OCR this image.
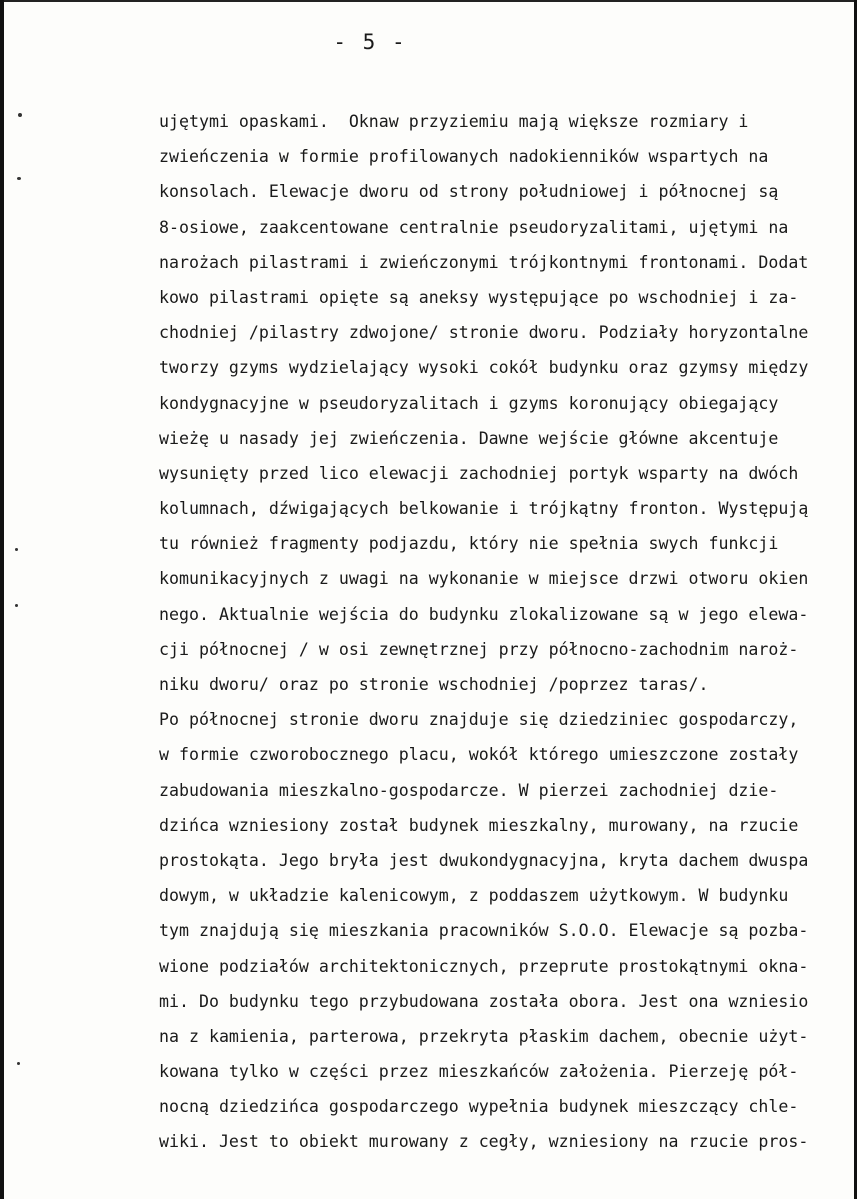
- 5 -
ujętymi opaskami.  Oknaw przyziemiu mają większe rozmiary i
zwieńczenia w formie profilowanych nadokienników wspartych na
konsolach. Elewacje dworu od strony południowej i północnej są
8-osiowe, zaakcentowane centralnie pseudoryzalitami, ujętymi na
narożach pilastrami i zwieńczonymi trójkontnymi frontonami. Dodat
kowo pilastrami opięte są aneksy występujące po wschodniej i za-
chodniej /pilastry zdwojone/ stronie dworu. Podziały horyzontalne
tworzy gzyms wydzielający wysoki cokół budynku oraz gzymsy między
kondygnacyjne w pseudoryzalitach i gzyms koronujący obiegający
wieżę u nasady jej zwieńczenia. Dawne wejście główne akcentuje
wysunięty przed lico elewacji zachodniej portyk wsparty na dwóch
kolumnach, dźwigających belkowanie i trójkątny fronton. Występują
tu również fragmenty podjazdu, który nie spełnia swych funkcji
komunikacyjnych z uwagi na wykonanie w miejsce drzwi otworu okien
nego. Aktualnie wejścia do budynku zlokalizowane są w jego elewa-
cji północnej / w osi zewnętrznej przy północno-zachodnim naroż-
niku dworu/ oraz po stronie wschodniej /poprzez taras/.
Po północnej stronie dworu znajduje się dziedziniec gospodarczy,
w formie czworobocznego placu, wokół którego umieszczone zostały
zabudowania mieszkalno-gospodarcze. W pierzei zachodniej dzie-
dzińca wzniesiony został budynek mieszkalny, murowany, na rzucie
prostokąta. Jego bryła jest dwukondygnacyjna, kryta dachem dwuspa
dowym, w układzie kalenicowym, z poddaszem użytkowym. W budynku
tym znajdują się mieszkania pracowników S.O.O. Elewacje są pozba-
wione podziałów architektonicznych, przeprute prostokątnymi okna-
mi. Do budynku tego przybudowana została obora. Jest ona wzniesio
na z kamienia, parterowa, przekryta płaskim dachem, obecnie użyt-
kowana tylko w części przez mieszkańców założenia. Pierzeję pół-
nocną dziedzińca gospodarczego wypełnia budynek mieszczący chle-
wiki. Jest to obiekt murowany z cegły, wzniesiony na rzucie pros-
